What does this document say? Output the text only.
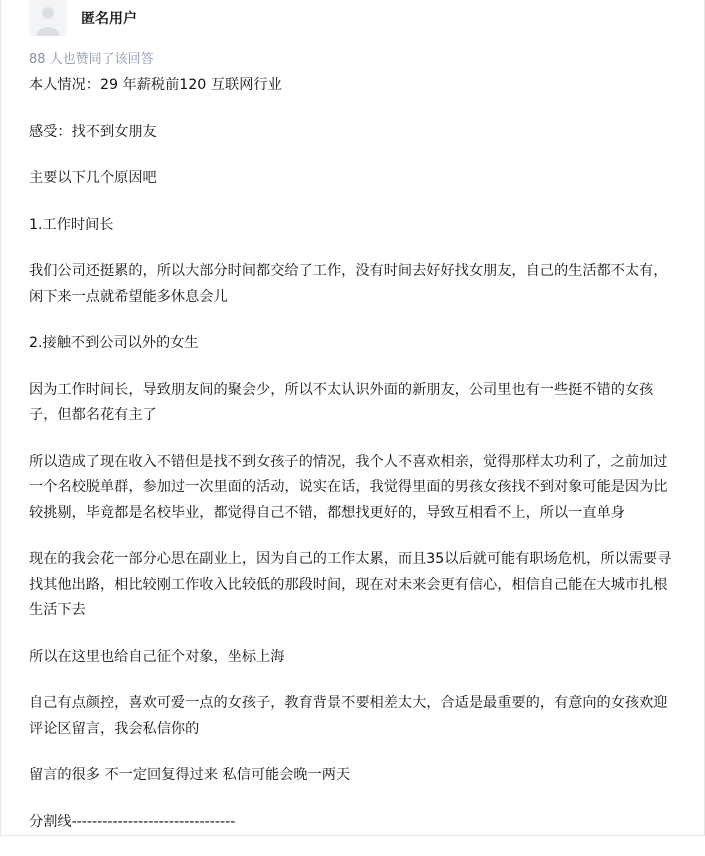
匿名用户
88 人也赞同了该回答

本人情况：29 年薪税前120 互联网行业

感受：找不到女朋友

主要以下几个原因吧

1.工作时间长

我们公司还挺累的，所以大部分时间都交给了工作，没有时间去好好找女朋友，自己的生活都不太有，闲下来一点就希望能多休息会儿

2.接触不到公司以外的女生

因为工作时间长，导致朋友间的聚会少，所以不太认识外面的新朋友，公司里也有一些挺不错的女孩子，但都名花有主了

所以造成了现在收入不错但是找不到女孩子的情况，我个人不喜欢相亲，觉得那样太功利了，之前加过一个名校脱单群，参加过一次里面的活动，说实在话，我觉得里面的男孩女孩找不到对象可能是因为比较挑剔，毕竟都是名校毕业，都觉得自己不错，都想找更好的，导致互相看不上，所以一直单身

现在的我会花一部分心思在副业上，因为自己的工作太累，而且35以后就可能有职场危机，所以需要寻找其他出路，相比较刚工作收入比较低的那段时间，现在对未来会更有信心，相信自己能在大城市扎根生活下去

所以在这里也给自己征个对象，坐标上海

自己有点颜控，喜欢可爱一点的女孩子，教育背景不要相差太大，合适是最重要的，有意向的女孩欢迎评论区留言，我会私信你的

留言的很多 不一定回复得过来 私信可能会晚一两天

分割线--------------------------------
